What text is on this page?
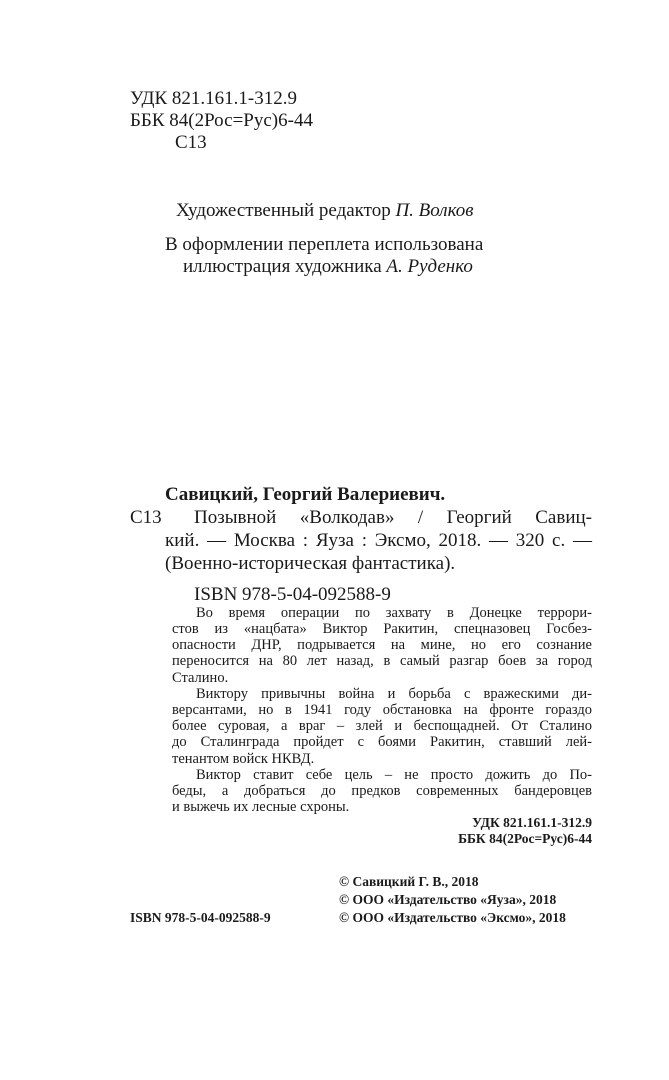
УДК 821.161.1-312.9
ББК 84(2Рос=Рус)6-44
С13
Художественный редактор П. Волков
В оформлении переплета использована
иллюстрация художника А. Руденко
Савицкий, Георгий Валериевич.
С13 Позывной «Волкодав» / Георгий Савиц-
кий. — Москва : Яуза : Эксмо, 2018. — 320 с. —
(Военно-историческая фантастика).
ISBN 978-5-04-092588-9
Во время операции по захвату в Донецке террори-
стов из «нацбата» Виктор Ракитин, спецназовец Госбез-
опасности ДНР, подрывается на мине, но его сознание
переносится на 80 лет назад, в самый разгар боев за город
Сталино.
Виктору привычны война и борьба с вражескими ди-
версантами, но в 1941 году обстановка на фронте гораздо
более суровая, а враг – злей и беспощадней. От Сталино
до Сталинграда пройдет с боями Ракитин, ставший лей-
тенантом войск НКВД.
Виктор ставит себе цель – не просто дожить до По-
беды, а добраться до предков современных бандеровцев
и выжечь их лесные схроны.
УДК 821.161.1-312.9
ББК 84(2Рос=Рус)6-44
© Савицкий Г. В., 2018
© ООО «Издательство «Яуза», 2018
© ООО «Издательство «Эксмо», 2018
ISBN 978-5-04-092588-9
